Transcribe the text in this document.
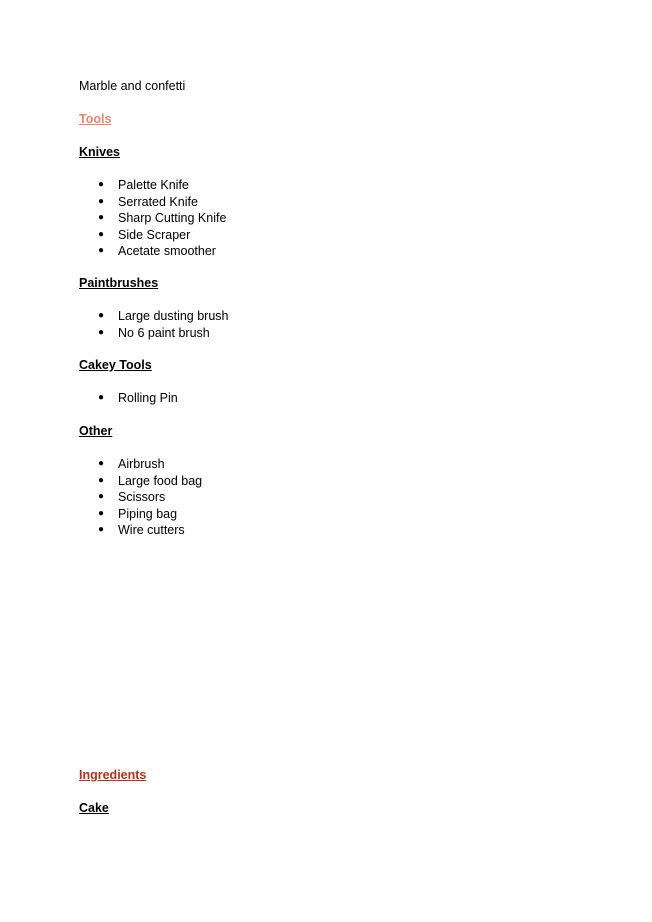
Marble and confetti

Tools
Knives
● Palette Knife
● Serrated Knife
● Sharp Cutting Knife
● Side Scraper
● Acetate smoother
Paintbrushes
● Large dusting brush
● No 6 paint brush
Cakey Tools
● Rolling Pin
Other
● Airbrush
● Large food bag
● Scissors
● Piping bag
● Wire cutters
Ingredients
Cake
